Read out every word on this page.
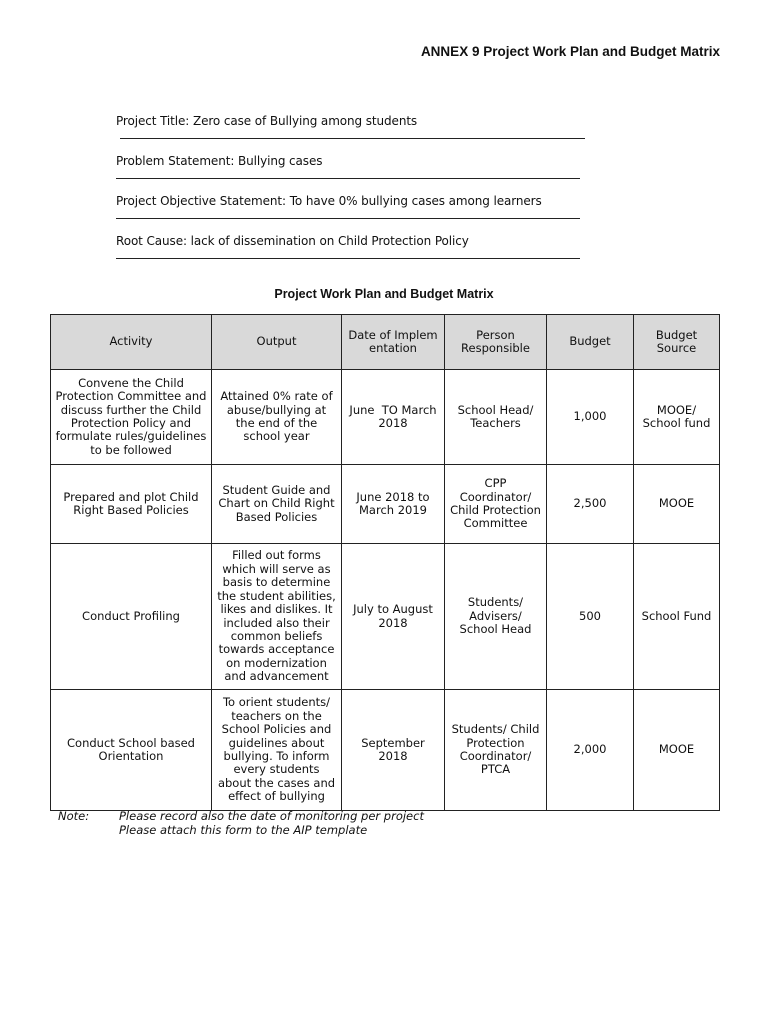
ANNEX 9 Project Work Plan and Budget Matrix
Project Title: Zero case of Bullying among students
Problem Statement: Bullying cases
Project Objective Statement: To have 0% bullying cases among learners
Root Cause: lack of dissemination on Child Protection Policy
Project Work Plan and Budget Matrix
Activity	Output	Date of Implementation	Person Responsible	Budget	Budget Source
Convene the Child Protection Committee and discuss further the Child Protection Policy and formulate rules/guidelines to be followed	Attained 0% rate of abuse/bullying at the end of the school year	June  TO March 2018	School Head/ Teachers	1,000	MOOE/ School fund
Prepared and plot Child Right Based Policies	Student Guide and Chart on Child Right Based Policies	June 2018 to March 2019	CPP Coordinator/ Child Protection Committee	2,500	MOOE
Conduct Profiling	Filled out forms which will serve as basis to determine the student abilities, likes and dislikes. It included also their common beliefs towards acceptance on modernization and advancement	July to August 2018	Students/ Advisers/ School Head	500	School Fund
Conduct School based Orientation	To orient students/ teachers on the School Policies and guidelines about bullying. To inform every students about the cases and effect of bullying	September 2018	Students/ Child Protection Coordinator/ PTCA	2,000	MOOE
Note:	Please record also the date of monitoring per project
Please attach this form to the AIP template
